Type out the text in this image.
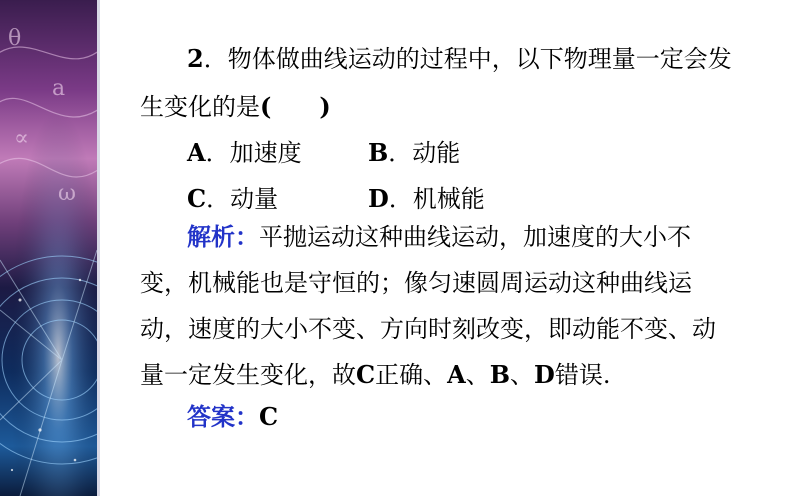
θ
a
∝
ω
2．物体做曲线运动的过程中，以下物理量一定会发
生变化的是(　　)
A．加速度	B．动能
C．动量	D．机械能
解析：平抛运动这种曲线运动，加速度的大小不
变，机械能也是守恒的；像匀速圆周运动这种曲线运
动，速度的大小不变、方向时刻改变，即动能不变、动
量一定发生变化，故C正确、A、B、D错误.
答案：C
